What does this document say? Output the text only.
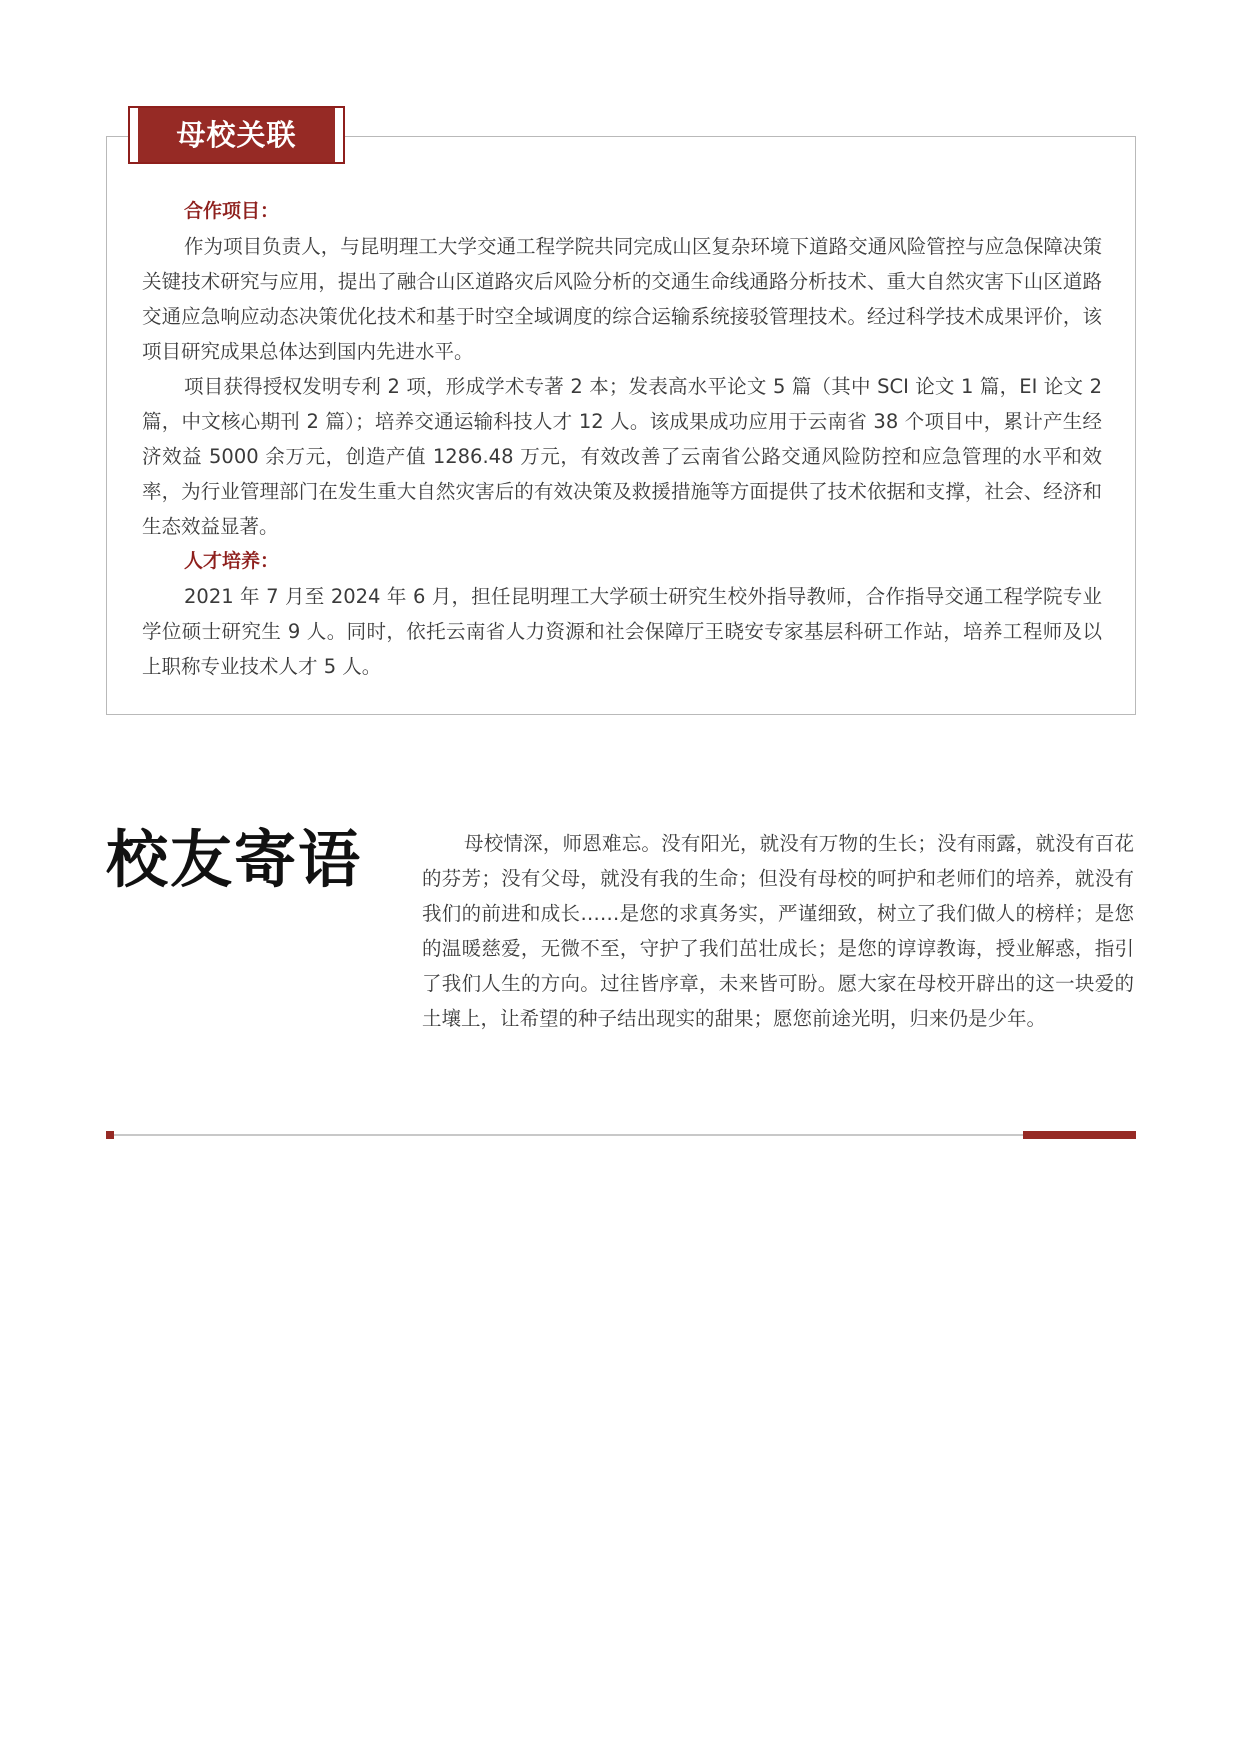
母校关联
合作项目：

作为项目负责人，与昆明理工大学交通工程学院共同完成山区复杂环境下道路交通风险管控与应急保障决策关键技术研究与应用，提出了融合山区道路灾后风险分析的交通生命线通路分析技术、重大自然灾害下山区道路交通应急响应动态决策优化技术和基于时空全域调度的综合运输系统接驳管理技术。经过科学技术成果评价，该项目研究成果总体达到国内先进水平。

项目获得授权发明专利 2 项，形成学术专著 2 本；发表高水平论文 5 篇（其中 SCI 论文 1 篇，EI 论文 2 篇，中文核心期刊 2 篇）；培养交通运输科技人才 12 人。该成果成功应用于云南省 38 个项目中，累计产生经济效益 5000 余万元，创造产值 1286.48 万元，有效改善了云南省公路交通风险防控和应急管理的水平和效率，为行业管理部门在发生重大自然灾害后的有效决策及救援措施等方面提供了技术依据和支撑，社会、经济和生态效益显著。

人才培养：

2021 年 7 月至 2024 年 6 月，担任昆明理工大学硕士研究生校外指导教师，合作指导交通工程学院专业学位硕士研究生 9 人。同时，依托云南省人力资源和社会保障厅王晓安专家基层科研工作站，培养工程师及以上职称专业技术人才 5 人。

校友寄语	母校情深，师恩难忘。没有阳光，就没有万物的生长；没有雨露，就没有百花的芬芳；没有父母，就没有我的生命；但没有母校的呵护和老师们的培养，就没有我们的前进和成长……是您的求真务实，严谨细致，树立了我们做人的榜样；是您的温暖慈爱，无微不至，守护了我们茁壮成长；是您的谆谆教诲，授业解惑，指引了我们人生的方向。过往皆序章，未来皆可盼。愿大家在母校开辟出的这一块爱的土壤上，让希望的种子结出现实的甜果；愿您前途光明，归来仍是少年。
